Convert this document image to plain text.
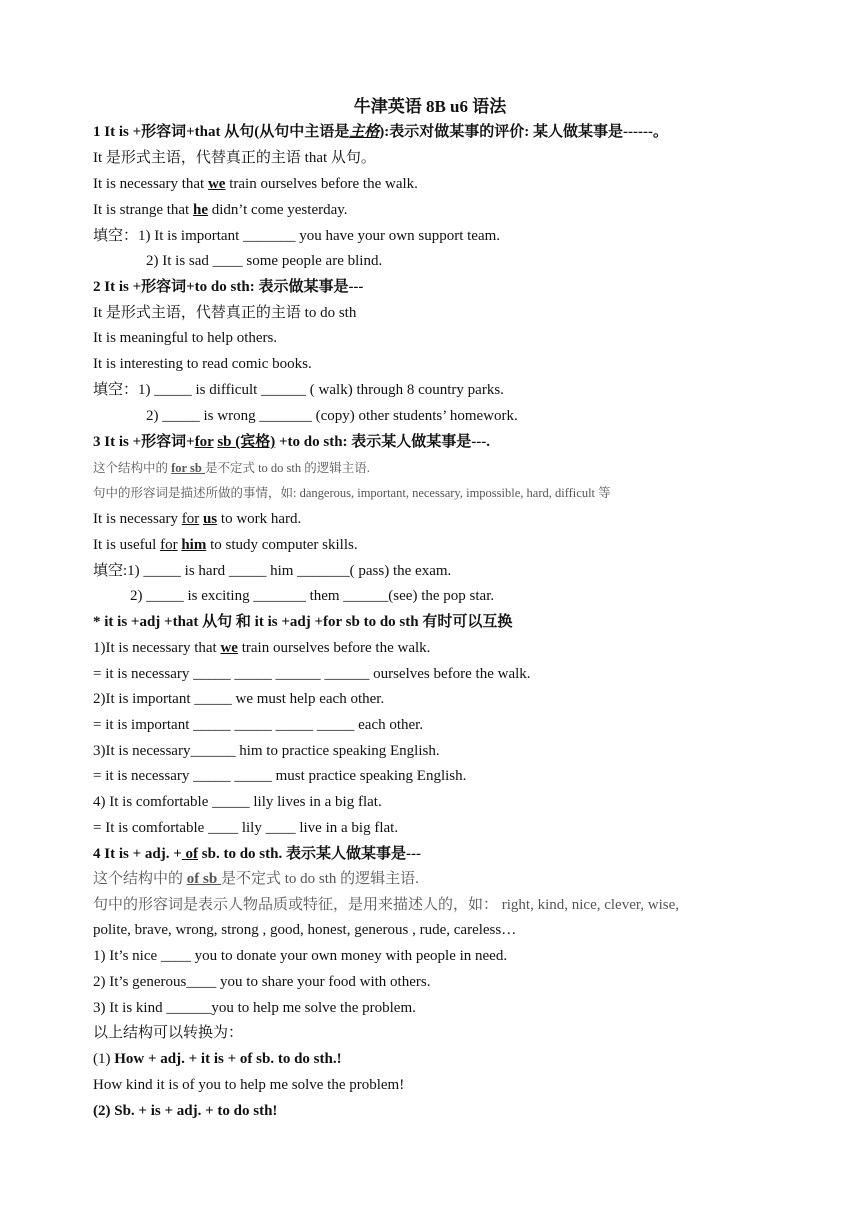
牛津英语 8B u6 语法
1 It is +形容词+that 从句(从句中主语是主格):表示对做某事的评价: 某人做某事是------。
It 是形式主语，代替真正的主语 that 从句。
It is necessary that we train ourselves before the walk.
It is strange that he didn’t come yesterday.
填空：1) It is important _______ you have your own support team.
2) It is sad ____ some people are blind.
2 It is +形容词+to do sth: 表示做某事是---
It 是形式主语，代替真正的主语 to do sth
It is meaningful to help others.
It is interesting to read comic books.
填空：1) _____ is difficult ______ ( walk) through 8 country parks.
2) _____ is wrong _______ (copy) other students’ homework.
3 It is +形容词+for sb (宾格) +to do sth: 表示某人做某事是---.
这个结构中的 for sb 是不定式 to do sth 的逻辑主语.
句中的形容词是描述所做的事情，如: dangerous, important, necessary, impossible, hard, difficult 等
It is necessary for us to work hard.
It is useful for him to study computer skills.
填空:1) _____ is hard _____ him _______( pass) the exam.
2) _____ is exciting _______ them ______(see) the pop star.
* it is +adj +that 从句 和 it is +adj +for sb to do sth 有时可以互换
1)It is necessary that we train ourselves before the walk.
= it is necessary _____ _____ ______ ______ ourselves before the walk.
2)It is important _____ we must help each other.
= it is important _____ _____ _____ _____ each other.
3)It is necessary______ him to practice speaking English.
= it is necessary _____ _____ must practice speaking English.
4) It is comfortable _____ lily lives in a big flat.
= It is comfortable ____ lily ____ live in a big flat.
4 It is + adj. + of sb. to do sth. 表示某人做某事是---
这个结构中的 of sb 是不定式 to do sth 的逻辑主语.
句中的形容词是表示人物品质或特征，是用来描述人的，如： right, kind, nice, clever, wise,
polite, brave, wrong, strong , good, honest, generous , rude, careless…
1) It’s nice ____ you to donate your own money with people in need.
2) It’s generous____ you to share your food with others.
3) It is kind ______you to help me solve the problem.
以上结构可以转换为：
(1) How + adj. + it is + of sb. to do sth.!
How kind it is of you to help me solve the problem!
(2) Sb. + is + adj. + to do sth!
